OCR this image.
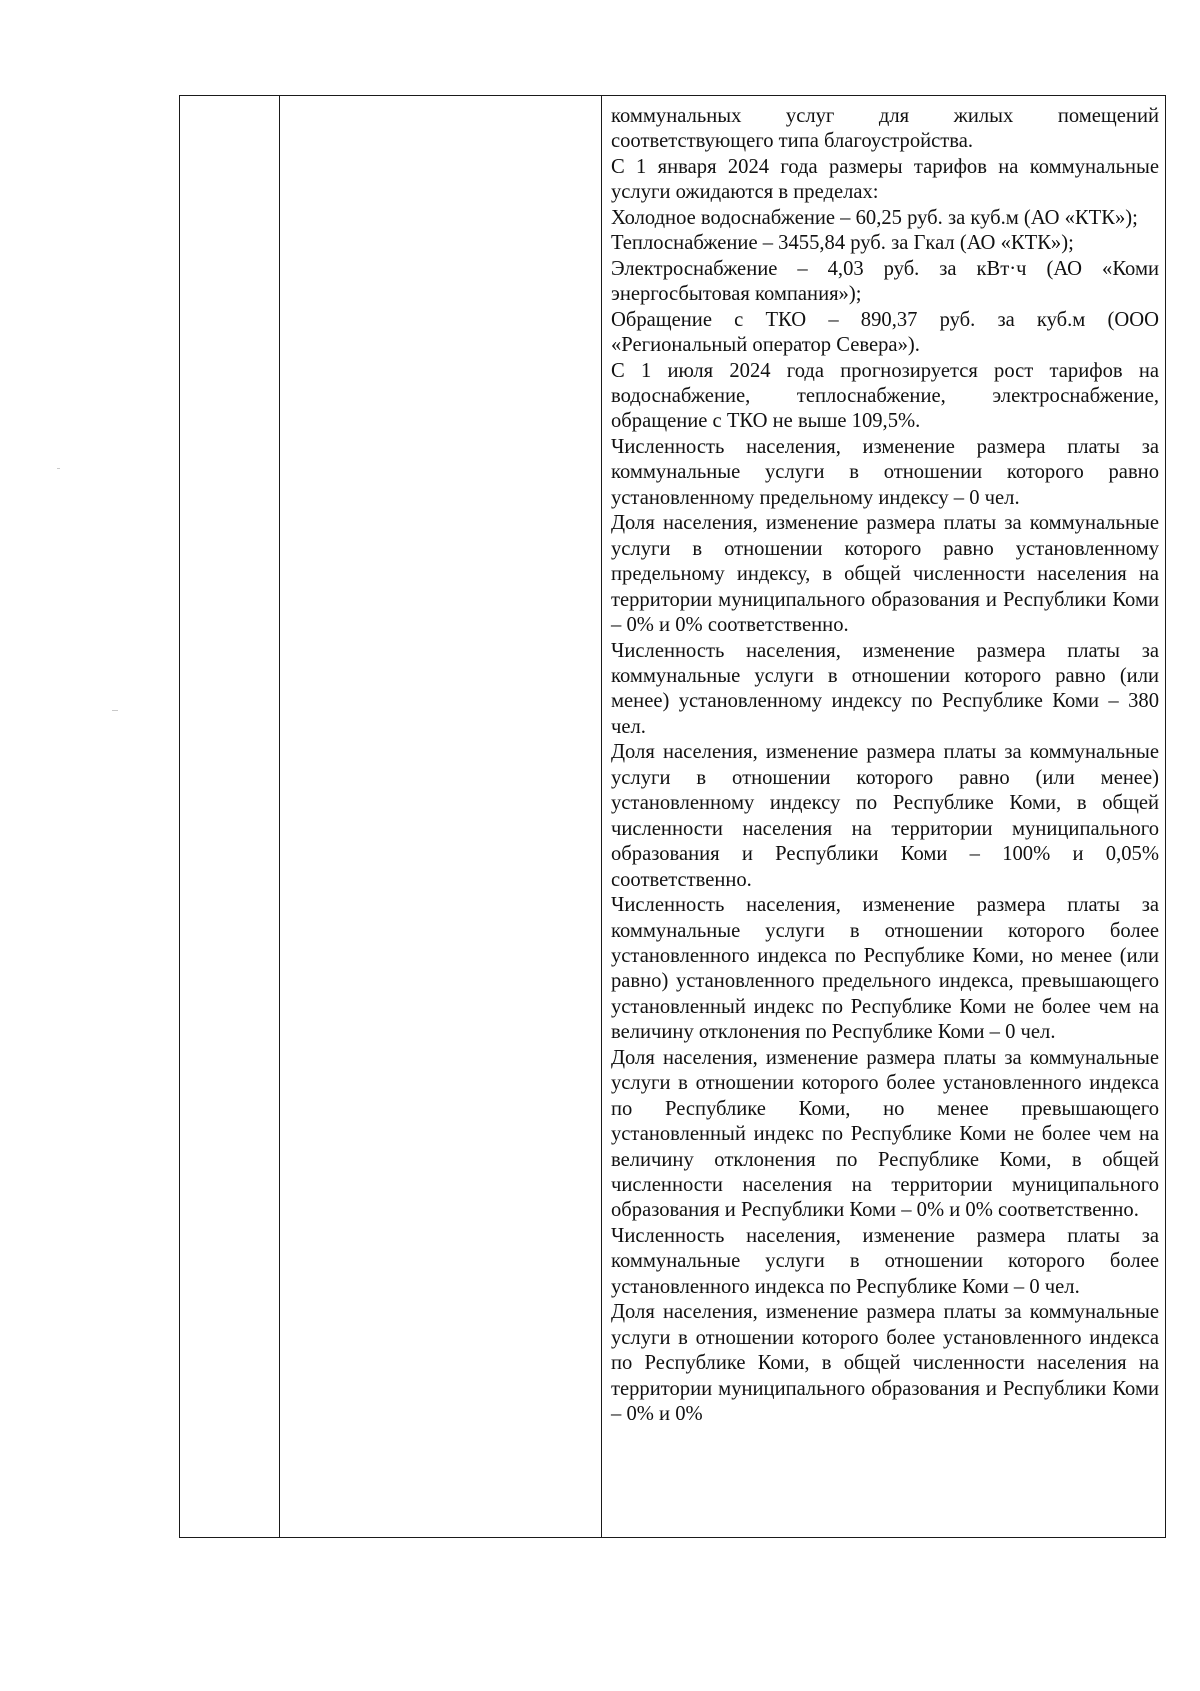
коммунальных услуг для жилых помещений соответствующего типа благоустройства.

С 1 января 2024 года размеры тарифов на коммунальные услуги ожидаются в пределах:

Холодное водоснабжение – 60,25 руб. за куб.м (АО «КТК»);

Теплоснабжение – 3455,84 руб. за Гкал (АО «КТК»);

Электроснабжение – 4,03 руб. за кВт·ч (АО «Коми энергосбытовая компания»);

Обращение с ТКО – 890,37 руб. за куб.м (ООО «Региональный оператор Севера»).

С 1 июля 2024 года прогнозируется рост тарифов на водоснабжение, теплоснабжение, электроснабжение, обращение с ТКО не выше 109,5%.

Численность населения, изменение размера платы за коммунальные услуги в отношении которого равно установленному предельному индексу – 0 чел.

Доля населения, изменение размера платы за коммунальные услуги в отношении которого равно установленному предельному индексу, в общей численности населения на территории муниципального образования и Республики Коми – 0% и 0% соответственно.

Численность населения, изменение размера платы за коммунальные услуги в отношении которого равно (или менее) установленному индексу по Республике Коми – 380 чел.

Доля населения, изменение размера платы за коммунальные услуги в отношении которого равно (или менее) установленному индексу по Республике Коми, в общей численности населения на территории муниципального образования и Республики Коми – 100% и 0,05% соответственно.

Численность населения, изменение размера платы за коммунальные услуги в отношении которого более установленного индекса по Республике Коми, но менее (или равно) установленного предельного индекса, превышающего установленный индекс по Республике Коми не более чем на величину отклонения по Республике Коми – 0 чел.

Доля населения, изменение размера платы за коммунальные услуги в отношении которого более установленного индекса по Республике Коми, но менее превышающего установленный индекс по Республике Коми не более чем на величину отклонения по Республике Коми, в общей численности населения на территории муниципального образования и Республики Коми – 0% и 0% соответственно.

Численность населения, изменение размера платы за коммунальные услуги в отношении которого более установленного индекса по Республике Коми – 0 чел.

Доля населения, изменение размера платы за коммунальные услуги в отношении которого более установленного индекса по Республике Коми, в общей численности населения на территории муниципального образования и Республики Коми – 0% и 0%
